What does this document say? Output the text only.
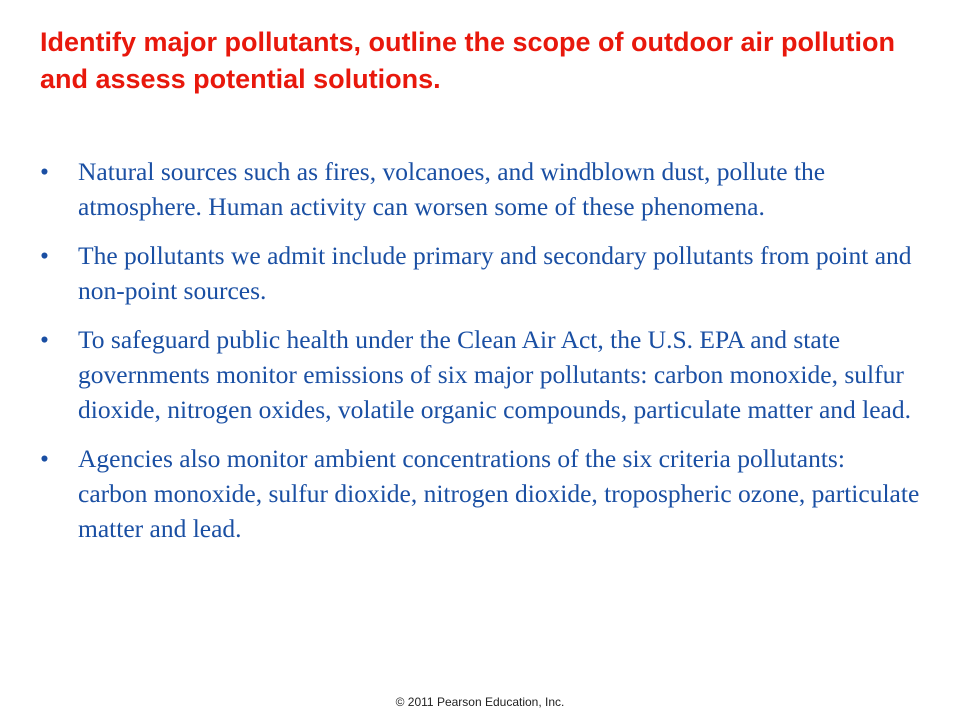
Identify major pollutants, outline the scope of outdoor air pollution and assess potential solutions.
• Natural sources such as fires, volcanoes, and windblown dust, pollute the atmosphere. Human activity can worsen some of these phenomena.
• The pollutants we admit include primary and secondary pollutants from point and non-point sources.
• To safeguard public health under the Clean Air Act, the U.S. EPA and state governments monitor emissions of six major pollutants: carbon monoxide, sulfur dioxide, nitrogen oxides, volatile organic compounds, particulate matter and lead.
• Agencies also monitor ambient concentrations of the six criteria pollutants: carbon monoxide, sulfur dioxide, nitrogen dioxide, tropospheric ozone, particulate matter and lead.
© 2011 Pearson Education, Inc.
